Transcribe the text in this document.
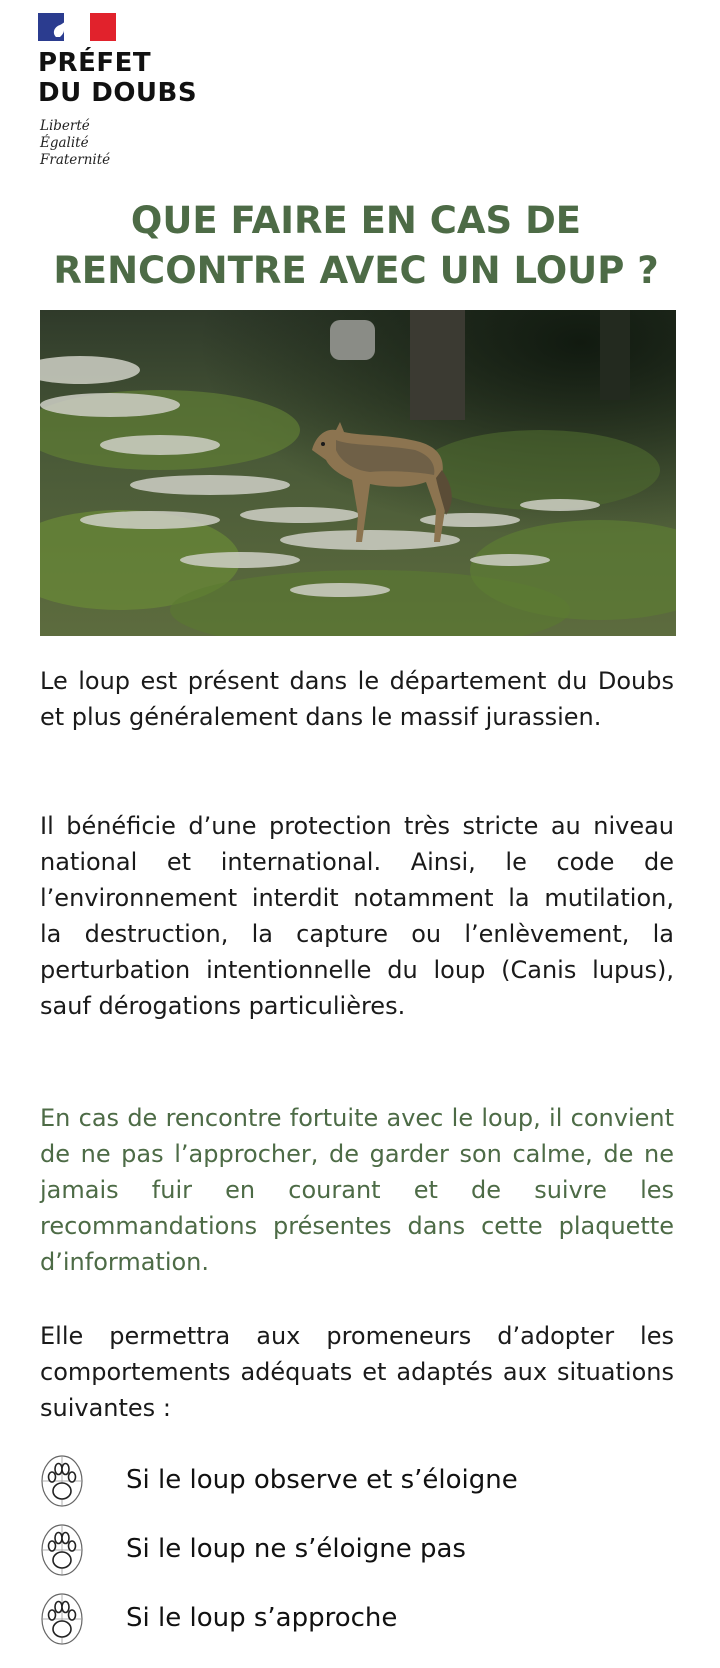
PRÉFET
DU DOUBS
Liberté
Égalité
Fraternité
QUE FAIRE EN CAS DE
RENCONTRE AVEC UN LOUP ?
Le loup est présent dans le département du Doubs et plus généralement dans le massif jurassien.
Il bénéficie d’une protection très stricte au niveau national et international. Ainsi, le code de l’environnement interdit notamment la mutilation, la destruction, la capture ou l’enlèvement, la perturbation intentionnelle du loup (Canis lupus), sauf dérogations particulières.
En cas de rencontre fortuite avec le loup, il convient de ne pas l’approcher, de garder son calme, de ne jamais fuir en courant et de suivre les recommandations présentes dans cette plaquette d’information.
Elle permettra aux promeneurs d’adopter les comportements adéquats et adaptés aux situations suivantes :
Si le loup observe et s’éloigne
Si le loup ne s’éloigne pas
Si le loup s’approche
